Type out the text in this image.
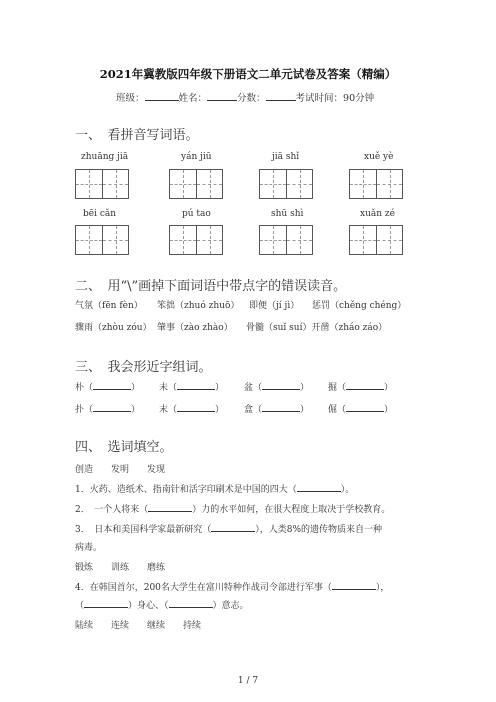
2021年冀教版四年级下册语文二单元试卷及答案（精编）
班级：	姓名：	分数：	考试时间：90分钟
一、　看拼音写词语。
zhuāng jiā	yán jiū	jiā shǐ	xuě yè
bēi cǎn	pú tao	shū shì	xuǎn zé
二、　用“\”画掉下面词语中带点字的错误读音。
气氛（fēn fèn） 笨拙（zhuó zhuō） 即便（jí jì） 惩罚（chěng chéng）
骤雨（zhòu zóu） 肇事（zào zhào） 骨髓（suǐ suí）开凿（zháo záo）
三、　我会形近字组词。
朴（	） 未（	） 盆（	） 掘（	）
扑（	） 末（	） 盒（	） 倔（	）
四、　选词填空。
创造　　发明　　发现
1．火药、造纸术、指南针和活字印刷术是中国的四大（	）。
2．　一个人将来（	）力的水平如何，在很大程度上取决于学校教育。
3．　日本和美国科学家最新研究（	），人类8%的遗传物质来自一种
病毒。
锻炼　　训练　　磨练
4．在韩国首尔，200名大学生在富川特种作战司令部进行军事（	），
（	）身心、（	）意志。
陆续　　连续　　继续　　持续
1 / 7
